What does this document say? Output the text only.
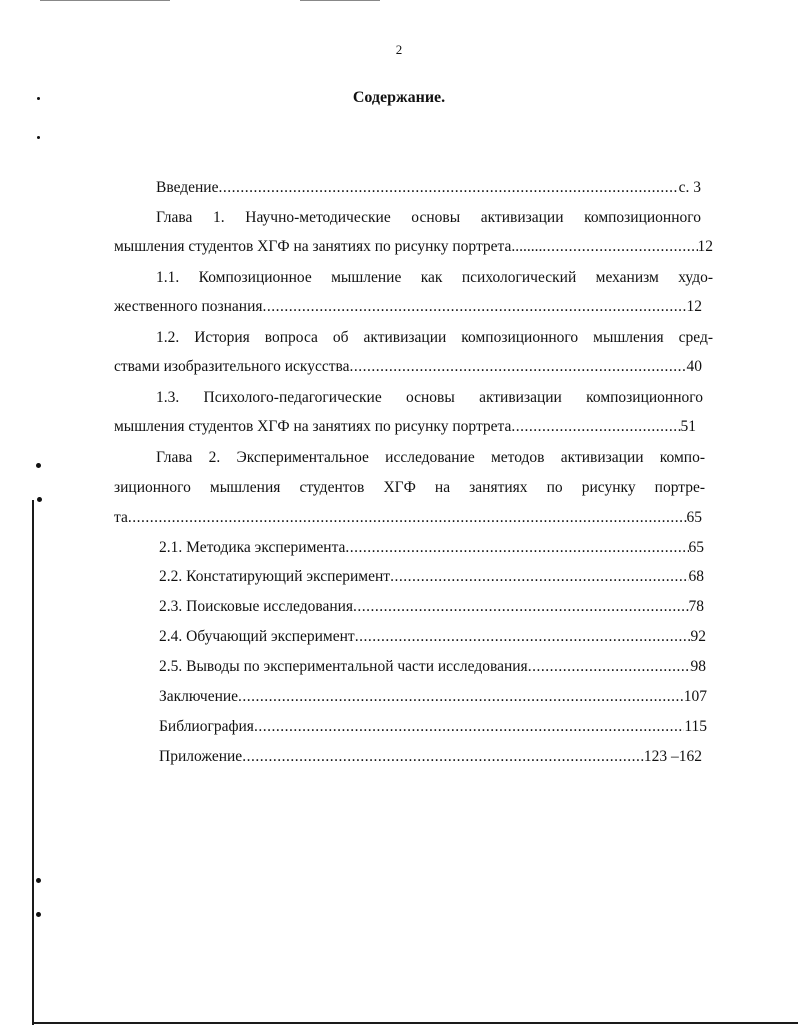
2
Содержание.
Введение .....	с. 3
Глава 1. Научно-методические основы активизации композиционного
мышления студентов ХГФ на занятиях по рисунку портрета........ .....	12
1.1. Композиционное мышление как психологический механизм худо-
жественного познания .....	12
1.2. История вопроса об активизации композиционного мышления сред-
ствами изобразительного искусства .....	40
1.3. Психолого-педагогические основы активизации композиционного
мышления студентов ХГФ на занятиях по рисунку портрета .....	51
Глава 2. Экспериментальное исследование методов активизации компо-
зиционного мышления студентов ХГФ на занятиях по рисунку портре-
та .....	65
2.1. Методика эксперимента .....	65
2.2. Констатирующий эксперимент .....	68
2.3. Поисковые исследования .....	78
2.4. Обучающий эксперимент .....	92
2.5. Выводы по экспериментальной части исследования .....	98
Заключение .....	107
Библиография .....	115
Приложение .....	123 –162
